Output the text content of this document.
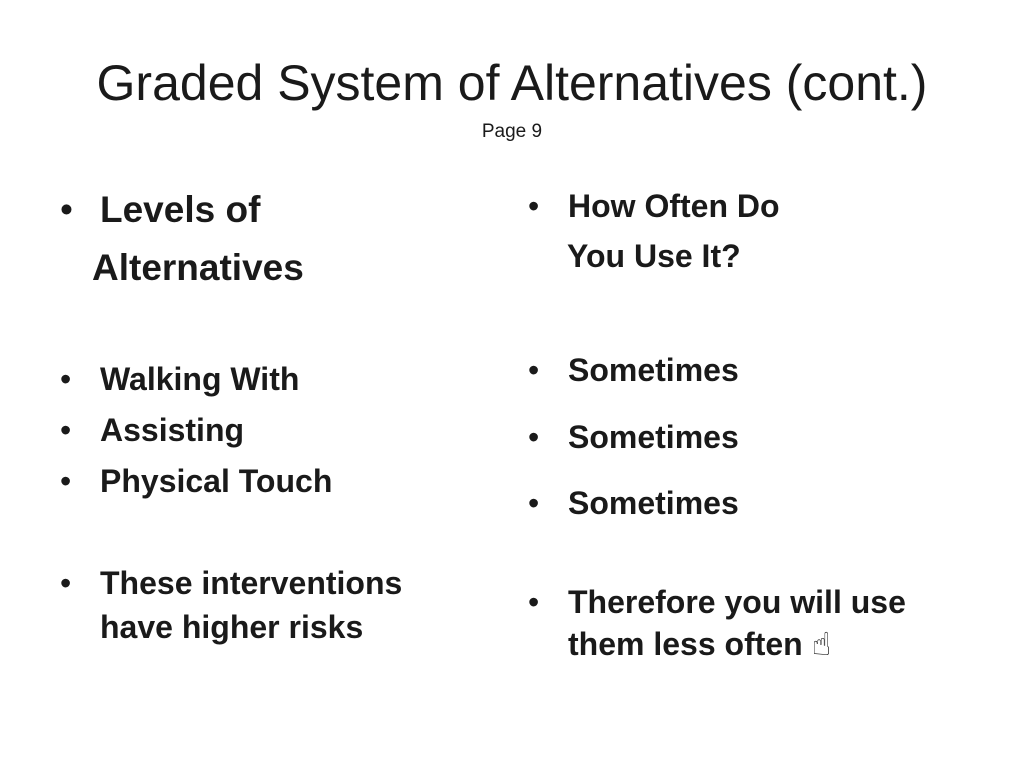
Graded System of Alternatives (cont.)
Page 9
• Levels of
Alternatives
• Walking With
• Assisting
• Physical Touch
• These interventions
have higher risks
• How Often Do
You Use It?
• Sometimes
• Sometimes
• Sometimes
• Therefore you will use
them less often ☝
